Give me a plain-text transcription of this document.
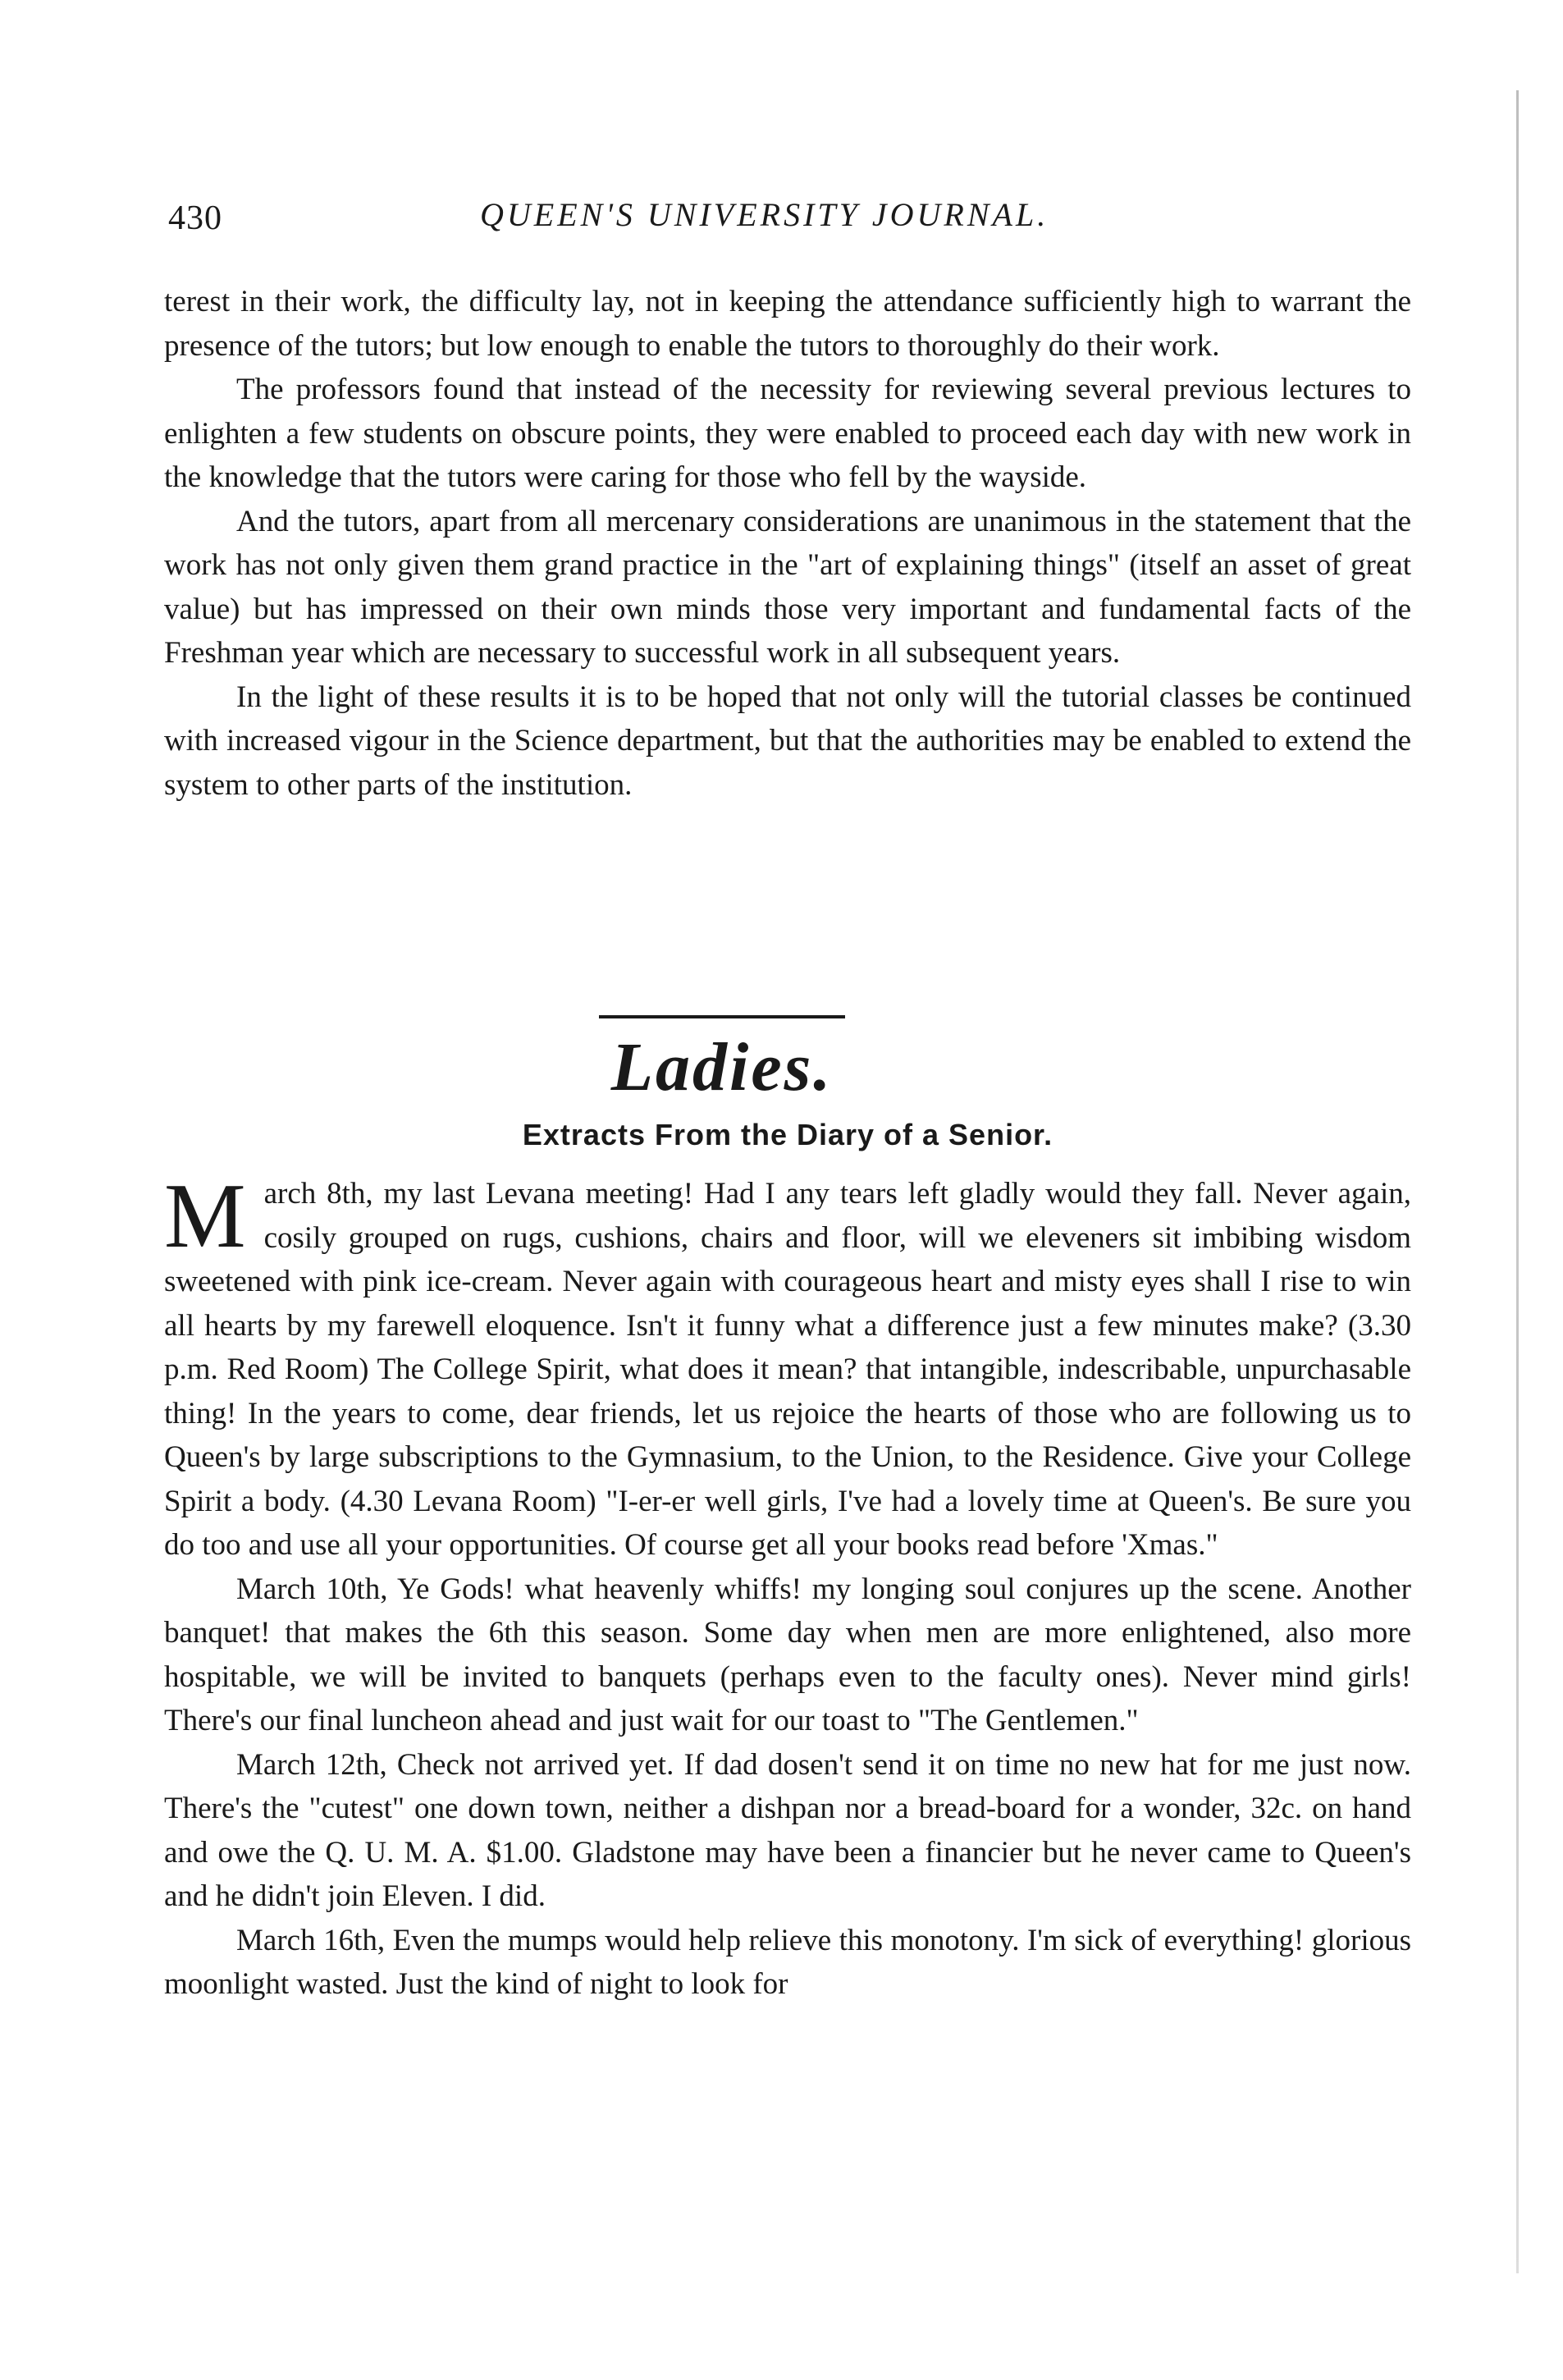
430	QUEEN'S UNIVERSITY JOURNAL.

terest in their work, the difficulty lay, not in keeping the attendance sufficiently high to warrant the presence of the tutors; but low enough to enable the tutors to thoroughly do their work.

The professors found that instead of the necessity for reviewing several previous lectures to enlighten a few students on obscure points, they were enabled to proceed each day with new work in the knowledge that the tutors were caring for those who fell by the wayside.

And the tutors, apart from all mercenary considerations are unanimous in the statement that the work has not only given them grand practice in the "art of explaining things" (itself an asset of great value) but has impressed on their own minds those very important and fundamental facts of the Freshman year which are necessary to successful work in all subsequent years.

In the light of these results it is to be hoped that not only will the tutorial classes be continued with increased vigour in the Science department, but that the authorities may be enabled to extend the system to other parts of the institution.

Ladies.
Extracts From the Diary of a Senior.

March 8th, my last Levana meeting! Had I any tears left gladly would they fall. Never again, cosily grouped on rugs, cushions, chairs and floor, will we eleveners sit imbibing wisdom sweetened with pink ice-cream. Never again with courageous heart and misty eyes shall I rise to win all hearts by my farewell eloquence. Isn't it funny what a difference just a few minutes make? (3.30 p.m. Red Room) The College Spirit, what does it mean? that intangible, indescribable, unpurchasable thing! In the years to come, dear friends, let us rejoice the hearts of those who are following us to Queen's by large subscriptions to the Gymnasium, to the Union, to the Residence. Give your College Spirit a body. (4.30 Levana Room) "I-er-er well girls, I've had a lovely time at Queen's. Be sure you do too and use all your opportunities. Of course get all your books read before 'Xmas."

March 10th, Ye Gods! what heavenly whiffs! my longing soul conjures up the scene. Another banquet! that makes the 6th this season. Some day when men are more enlightened, also more hospitable, we will be invited to banquets (perhaps even to the faculty ones). Never mind girls! There's our final luncheon ahead and just wait for our toast to "The Gentlemen."

March 12th, Check not arrived yet. If dad dosen't send it on time no new hat for me just now. There's the "cutest" one down town, neither a dishpan nor a bread-board for a wonder, 32c. on hand and owe the Q. U. M. A. $1.00. Gladstone may have been a financier but he never came to Queen's and he didn't join Eleven. I did.

March 16th, Even the mumps would help relieve this monotony. I'm sick of everything! glorious moonlight wasted. Just the kind of night to look for
